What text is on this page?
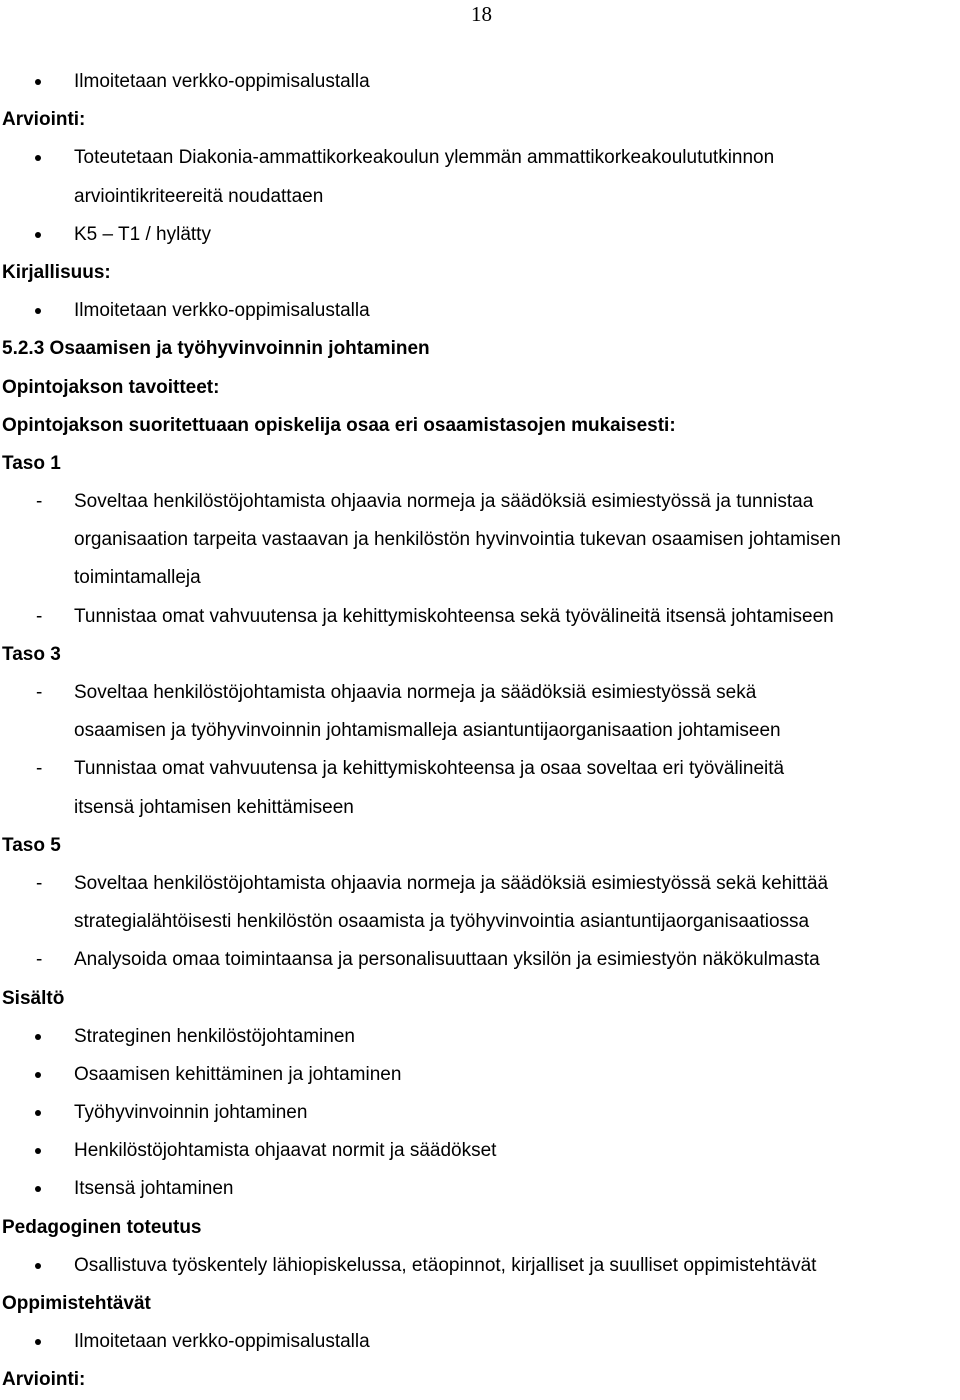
18
Ilmoitetaan verkko-oppimisalustalla
Arviointi:
Toteutetaan Diakonia-ammattikorkeakoulun ylemmän ammattikorkeakoulututkinnon
arviointikriteereitä noudattaen
K5 – T1 / hylätty
Kirjallisuus:
Ilmoitetaan verkko-oppimisalustalla
5.2.3 Osaamisen ja työhyvinvoinnin johtaminen
Opintojakson tavoitteet:
Opintojakson suoritettuaan opiskelija osaa eri osaamistasojen mukaisesti:
Taso 1
- Soveltaa henkilöstöjohtamista ohjaavia normeja ja säädöksiä esimiestyössä ja tunnistaa
organisaation tarpeita vastaavan ja henkilöstön hyvinvointia tukevan osaamisen johtamisen
toimintamalleja
- Tunnistaa omat vahvuutensa ja kehittymiskohteensa sekä työvälineitä itsensä johtamiseen
Taso 3
- Soveltaa henkilöstöjohtamista ohjaavia normeja ja säädöksiä esimiestyössä sekä
osaamisen ja työhyvinvoinnin johtamismalleja asiantuntijaorganisaation johtamiseen
- Tunnistaa omat vahvuutensa ja kehittymiskohteensa ja osaa soveltaa eri työvälineitä
itsensä johtamisen kehittämiseen
Taso 5
- Soveltaa henkilöstöjohtamista ohjaavia normeja ja säädöksiä esimiestyössä sekä kehittää
strategialähtöisesti henkilöstön osaamista ja työhyvinvointia asiantuntijaorganisaatiossa
- Analysoida omaa toimintaansa ja personalisuuttaan yksilön ja esimiestyön näkökulmasta
Sisältö
Strateginen henkilöstöjohtaminen
Osaamisen kehittäminen ja johtaminen
Työhyvinvoinnin johtaminen
Henkilöstöjohtamista ohjaavat normit ja säädökset
Itsensä johtaminen
Pedagoginen toteutus
Osallistuva työskentely lähiopiskelussa, etäopinnot, kirjalliset ja suulliset oppimistehtävät
Oppimistehtävät
Ilmoitetaan verkko-oppimisalustalla
Arviointi:
